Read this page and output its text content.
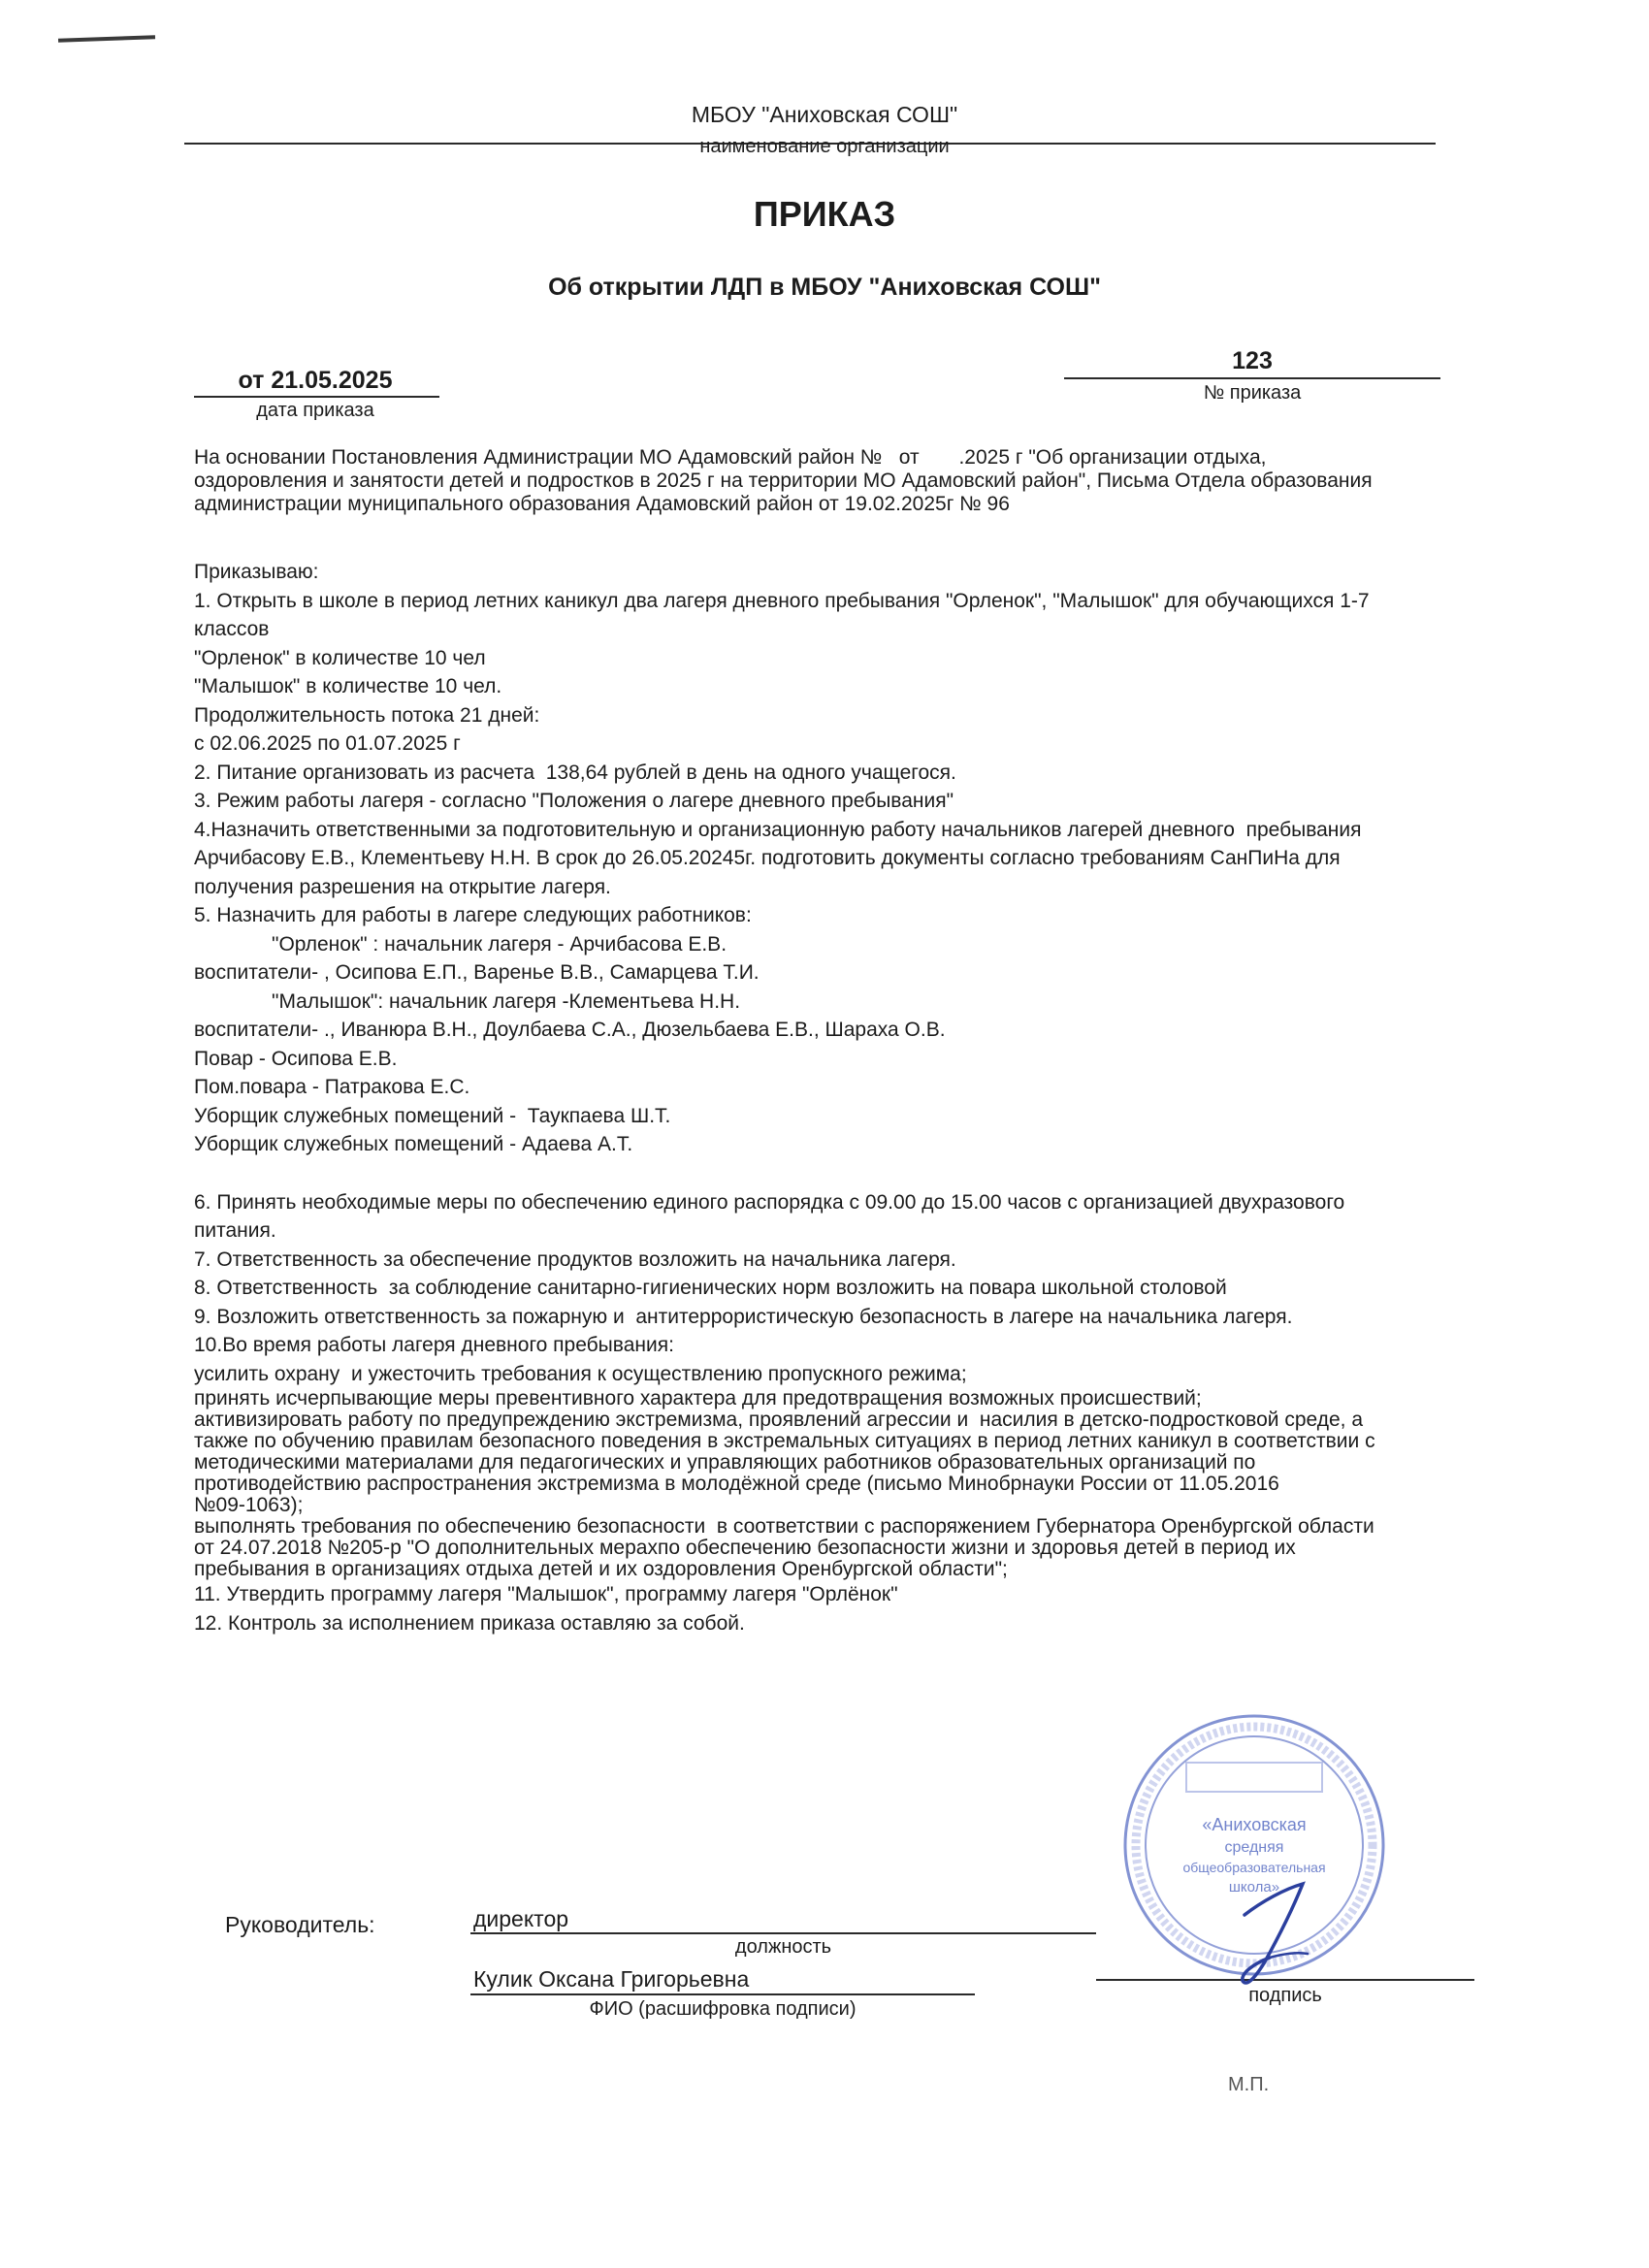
МБОУ "Аниховская СОШ"
наименование организации
ПРИКАЗ
Об открытии ЛДП в МБОУ "Аниховская СОШ"
от 21.05.2025
дата приказа
123
№ приказа

На основании Постановления Администрации МО Адамовский район №   от       .2025 г "Об организации отдыха,

оздоровления и занятости детей и подростков в 2025 г на территории МО Адамовский район", Письма Отдела образования

администрации муниципального образования Адамовский район от 19.02.2025г № 96

Приказываю:

1. Открыть в школе в период летних каникул два лагеря дневного пребывания "Орленок", "Малышок" для обучающихся 1-7

классов

"Орленок" в количестве 10 чел

"Малышок" в количестве 10 чел.

Продолжительность потока 21 дней:

с 02.06.2025 по 01.07.2025 г

2. Питание организовать из расчета  138,64 рублей в день на одного учащегося.

3. Режим работы лагеря - согласно "Положения о лагере дневного пребывания"

4.Назначить ответственными за подготовительную и организационную работу начальников лагерей дневного  пребывания

Арчибасову Е.В., Клементьеву Н.Н. В срок до 26.05.20245г. подготовить документы согласно требованиям СанПиНа для

получения разрешения на открытие лагеря.

5. Назначить для работы в лагере следующих работников:

"Орленок" : начальник лагеря - Арчибасова Е.В.

воспитатели- , Осипова Е.П., Варенье В.В., Самарцева Т.И.

"Малышок": начальник лагеря -Клементьева Н.Н.

воспитатели- ., Иванюра В.Н., Доулбаева С.А., Дюзельбаева Е.В., Шараха О.В.

Повар - Осипова Е.В.

Пом.повара - Патракова Е.С.

Уборщик служебных помещений -  Таукпаева Ш.Т.

Уборщик служебных помещений - Адаева А.Т.

6. Принять необходимые меры по обеспечению единого распорядка с 09.00 до 15.00 часов с организацией двухразового

питания.

7. Ответственность за обеспечение продуктов возложить на начальника лагеря.

8. Ответственность  за соблюдение санитарно-гигиенических норм возложить на повара школьной столовой

9. Возложить ответственность за пожарную и  антитеррористическую безопасность в лагере на начальника лагеря.

10.Во время работы лагеря дневного пребывания:

усилить охрану  и ужесточить требования к осуществлению пропускного режима;

принять исчерпывающие меры превентивного характера для предотвращения возможных происшествий;

активизировать работу по предупреждению экстремизма, проявлений агрессии и  насилия в детско-подростковой среде, а

также по обучению правилам безопасного поведения в экстремальных ситуациях в период летних каникул в соответствии с

методическими материалами для педагогических и управляющих работников образовательных организаций по

противодействию распространения экстремизма в молодёжной среде (письмо Минобрнауки России от 11.05.2016

№09-1063);

выполнять требования по обеспечению безопасности  в соответствии с распоряжением Губернатора Оренбургской области

от 24.07.2018 №205-р "О дополнительных мерахпо обеспечению безопасности жизни и здоровья детей в период их

пребывания в организациях отдыха детей и их оздоровления Оренбургской области";

11. Утвердить программу лагеря "Малышок", программу лагеря "Орлёнок"

12. Контроль за исполнением приказа оставляю за собой.

Руководитель:	директор
должность
Кулик Оксана Григорьевна
ФИО (расшифровка подписи)
подпись
М.П.
«Аниховская
средняя
общеобразовательная
школа»
